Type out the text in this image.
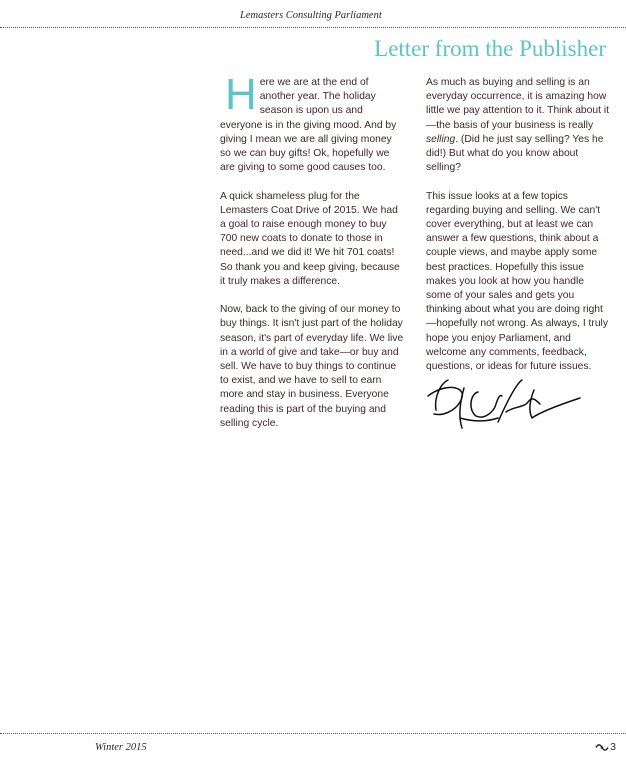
Lemasters Consulting Parliament
Letter from the Publisher

Here we are at the end of another year. The holiday season is upon us and everyone is in the giving mood. And by giving I mean we are all giving money so we can buy gifts! Ok, hopefully we are giving to some good causes too.

A quick shameless plug for the Lemasters Coat Drive of 2015. We had a goal to raise enough money to buy 700 new coats to donate to those in need...and we did it! We hit 701 coats! So thank you and keep giving, because it truly makes a difference.

Now, back to the giving of our money to buy things. It isn't just part of the holiday season, it's part of everyday life. We live in a world of give and take—or buy and sell. We have to buy things to continue to exist, and we have to sell to earn more and stay in business. Everyone reading this is part of the buying and selling cycle.

As much as buying and selling is an everyday occurrence, it is amazing how little we pay attention to it. Think about it—the basis of your business is really selling. (Did he just say selling? Yes he did!) But what do you know about selling?

This issue looks at a few topics regarding buying and selling. We can't cover everything, but at least we can answer a few questions, think about a couple views, and maybe apply some best practices. Hopefully this issue makes you look at how you handle some of your sales and gets you thinking about what you are doing right—hopefully not wrong. As always, I truly hope you enjoy Parliament, and welcome any comments, feedback, questions, or ideas for future issues.

Winter 2015	3
